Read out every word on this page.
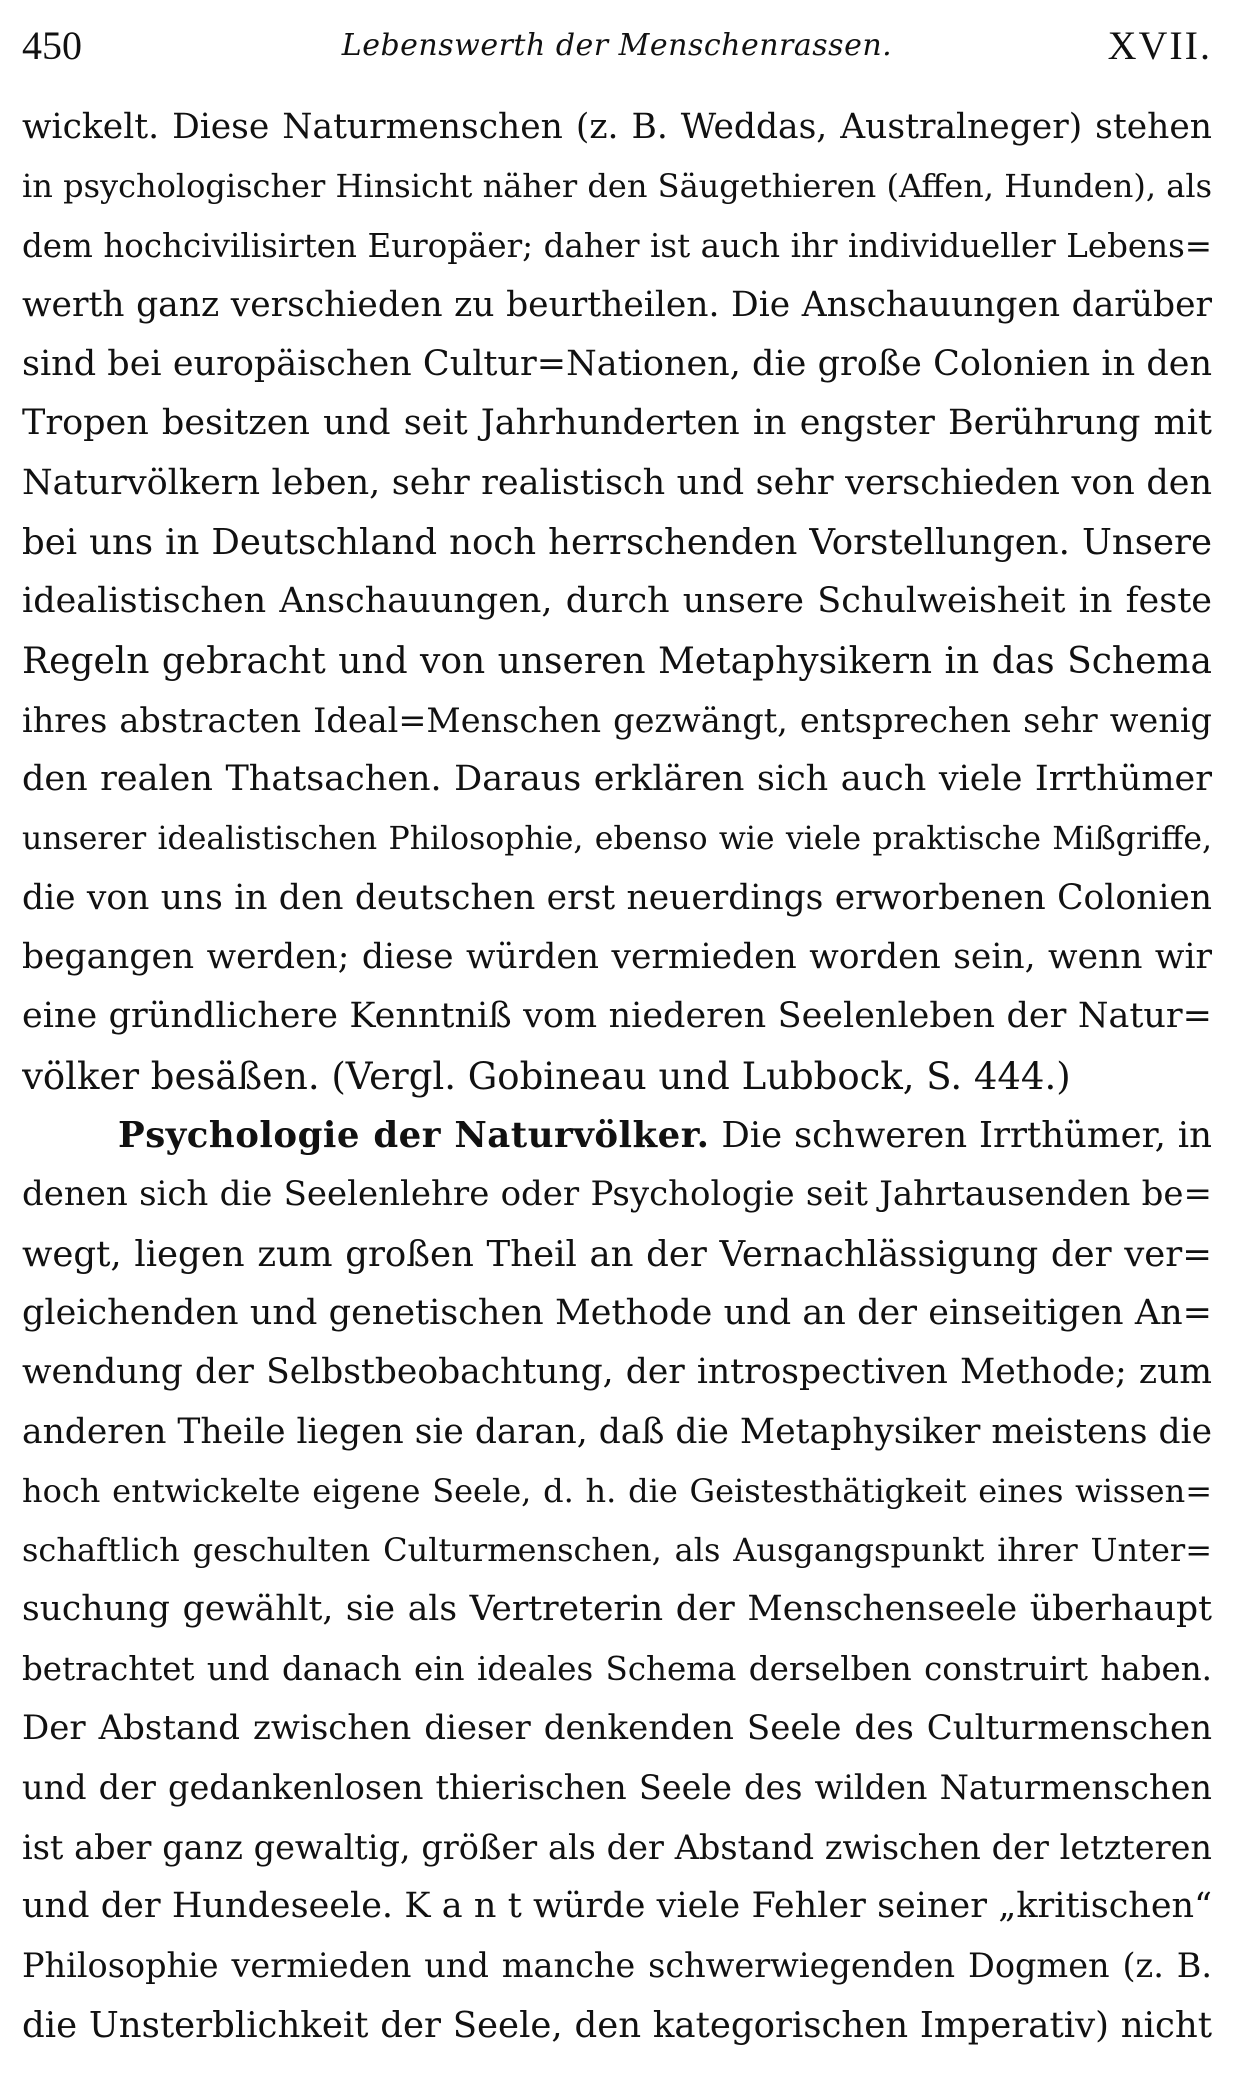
450	Lebenswerth der Menschenrassen.	XVII.
wickelt. Diese Naturmenschen (z. B. Weddas, Australneger) stehen
in psychologischer Hinsicht näher den Säugethieren (Affen, Hunden), als
dem hochcivilisirten Europäer; daher ist auch ihr individueller Lebens=
werth ganz verschieden zu beurtheilen. Die Anschauungen darüber
sind bei europäischen Cultur=Nationen, die große Colonien in den
Tropen besitzen und seit Jahrhunderten in engster Berührung mit
Naturvölkern leben, sehr realistisch und sehr verschieden von den
bei uns in Deutschland noch herrschenden Vorstellungen. Unsere
idealistischen Anschauungen, durch unsere Schulweisheit in feste
Regeln gebracht und von unseren Metaphysikern in das Schema
ihres abstracten Ideal=Menschen gezwängt, entsprechen sehr wenig
den realen Thatsachen. Daraus erklären sich auch viele Irrthümer
unserer idealistischen Philosophie, ebenso wie viele praktische Mißgriffe,
die von uns in den deutschen erst neuerdings erworbenen Colonien
begangen werden; diese würden vermieden worden sein, wenn wir
eine gründlichere Kenntniß vom niederen Seelenleben der Natur=
völker besäßen. (Vergl. Gobineau und Lubbock, S. 444.)
Psychologie der Naturvölker. Die schweren Irrthümer, in
denen sich die Seelenlehre oder Psychologie seit Jahrtausenden be=
wegt, liegen zum großen Theil an der Vernachlässigung der ver=
gleichenden und genetischen Methode und an der einseitigen An=
wendung der Selbstbeobachtung, der introspectiven Methode; zum
anderen Theile liegen sie daran, daß die Metaphysiker meistens die
hoch entwickelte eigene Seele, d. h. die Geistesthätigkeit eines wissen=
schaftlich geschulten Culturmenschen, als Ausgangspunkt ihrer Unter=
suchung gewählt, sie als Vertreterin der Menschenseele überhaupt
betrachtet und danach ein ideales Schema derselben construirt haben.
Der Abstand zwischen dieser denkenden Seele des Culturmenschen
und der gedankenlosen thierischen Seele des wilden Naturmenschen
ist aber ganz gewaltig, größer als der Abstand zwischen der letzteren
und der Hundeseele. K a n t würde viele Fehler seiner „kritischen“
Philosophie vermieden und manche schwerwiegenden Dogmen (z. B.
die Unsterblichkeit der Seele, den kategorischen Imperativ) nicht
